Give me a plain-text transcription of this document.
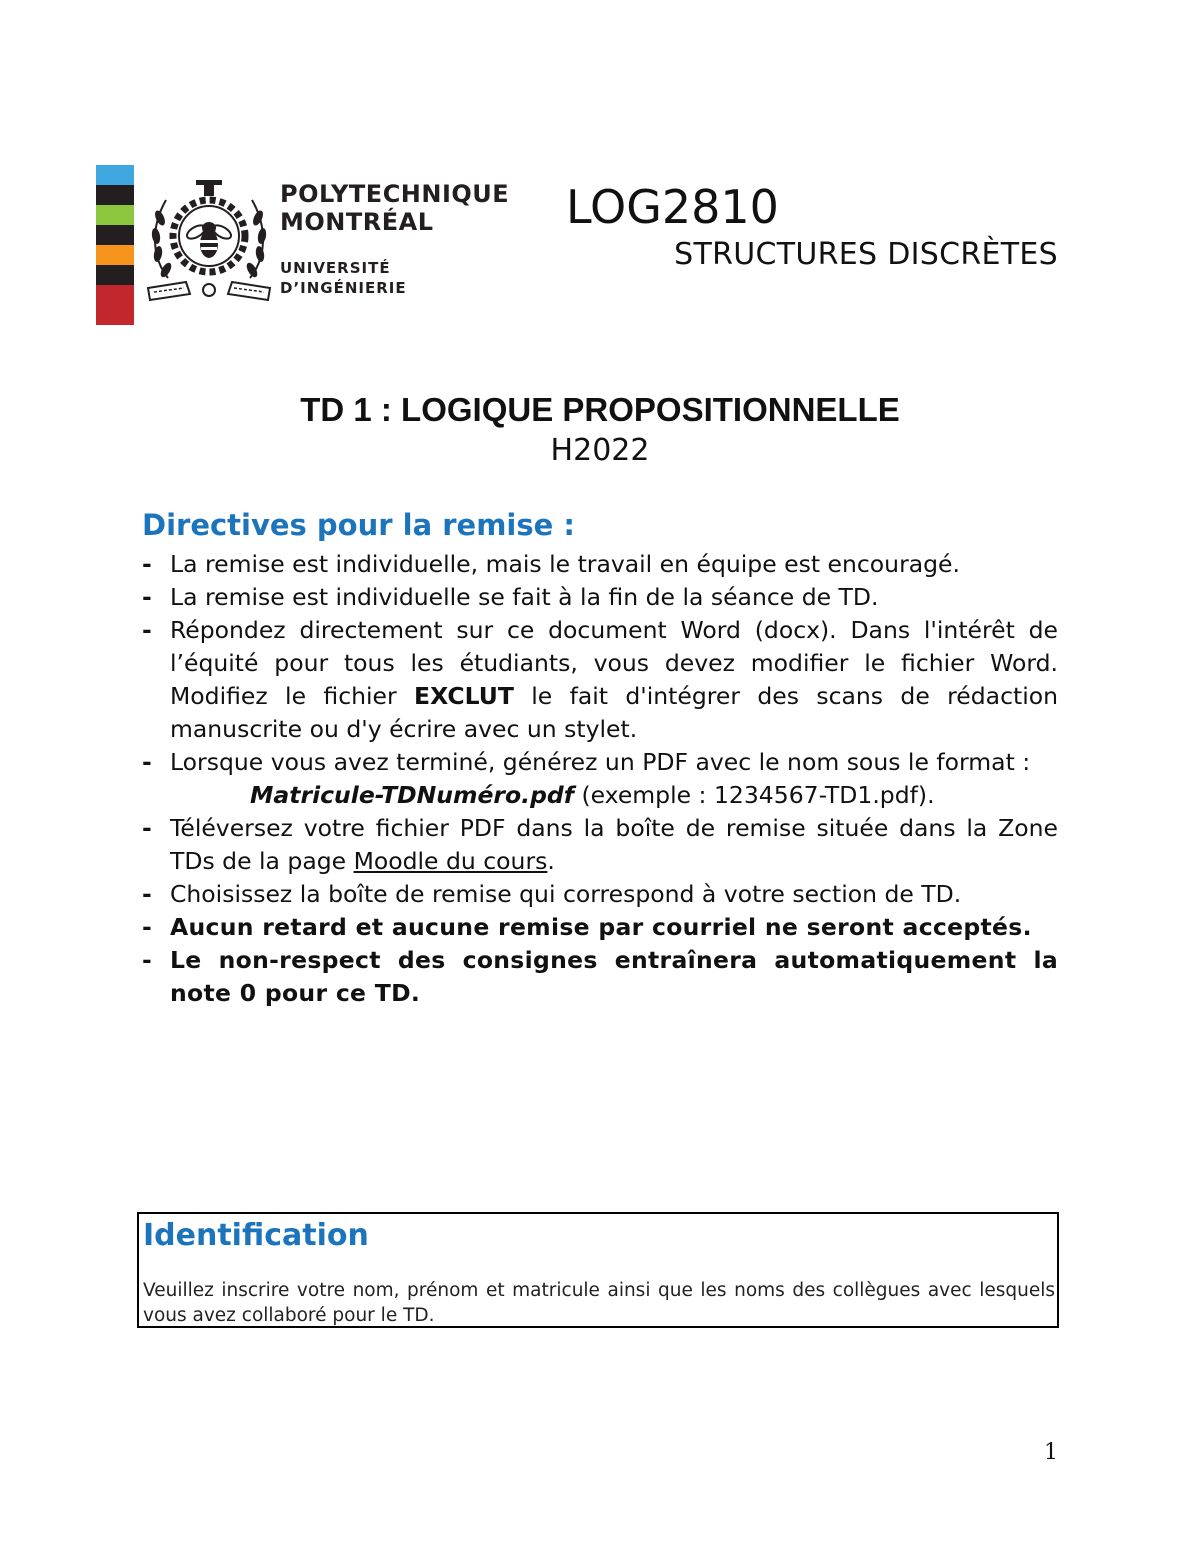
POLYTECHNIQUE
MONTRÉAL
UNIVERSITÉ
D’INGÉNIERIE
LOG2810
STRUCTURES DISCRÈTES
TD 1 : LOGIQUE PROPOSITIONNELLE
H2022
Directives pour la remise :
- La remise est individuelle, mais le travail en équipe est encouragé.
- La remise est individuelle se fait à la fin de la séance de TD.
- Répondez directement sur ce document Word (docx). Dans l'intérêt de l’équité pour tous les étudiants, vous devez modifier le fichier Word. Modifiez le fichier EXCLUT le fait d'intégrer des scans de rédaction manuscrite ou d'y écrire avec un stylet.
- Lorsque vous avez terminé, générez un PDF avec le nom sous le format :
Matricule-TDNuméro.pdf (exemple : 1234567-TD1.pdf).
- Téléversez votre fichier PDF dans la boîte de remise située dans la Zone TDs de la page Moodle du cours.
- Choisissez la boîte de remise qui correspond à votre section de TD.
- Aucun retard et aucune remise par courriel ne seront acceptés.
- Le non-respect des consignes entraînera automatiquement la note 0 pour ce TD.
Identification
Veuillez inscrire votre nom, prénom et matricule ainsi que les noms des collègues avec lesquels vous avez collaboré pour le TD.
1
